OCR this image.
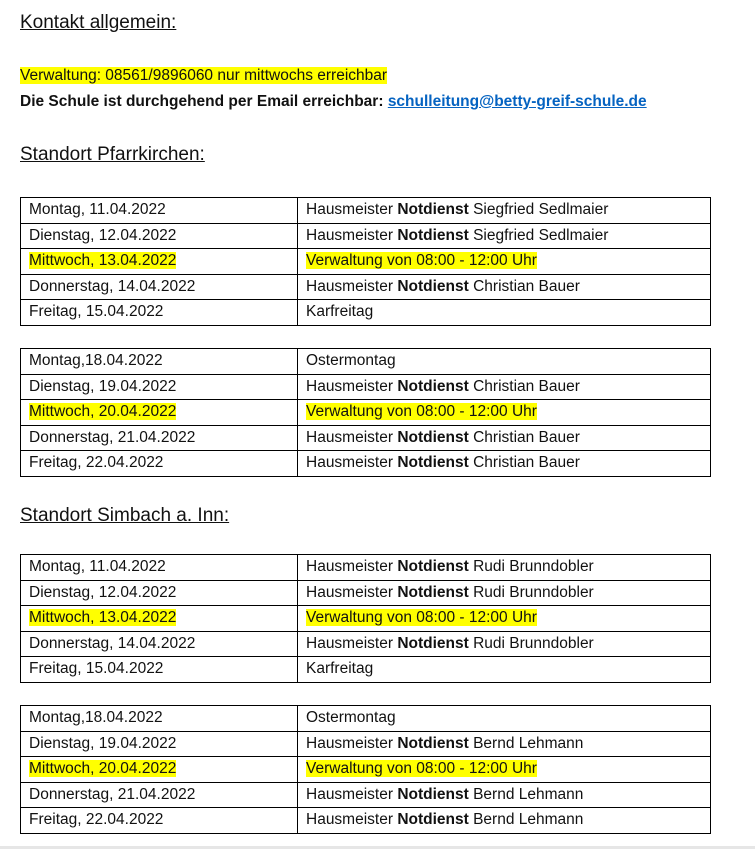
Kontakt allgemein:
Verwaltung: 08561/9896060 nur mittwochs erreichbar
Die Schule ist durchgehend per Email erreichbar: schulleitung@betty-greif-schule.de
Standort Pfarrkirchen:
Montag, 11.04.2022	Hausmeister Notdienst Siegfried Sedlmaier
Dienstag, 12.04.2022	Hausmeister Notdienst Siegfried Sedlmaier
Mittwoch, 13.04.2022	Verwaltung von 08:00 - 12:00 Uhr
Donnerstag, 14.04.2022	Hausmeister Notdienst Christian Bauer
Freitag, 15.04.2022	Karfreitag
Montag,18.04.2022	Ostermontag
Dienstag, 19.04.2022	Hausmeister Notdienst Christian Bauer
Mittwoch, 20.04.2022	Verwaltung von 08:00 - 12:00 Uhr
Donnerstag, 21.04.2022	Hausmeister Notdienst Christian Bauer
Freitag, 22.04.2022	Hausmeister Notdienst Christian Bauer
Standort Simbach a. Inn:
Montag, 11.04.2022	Hausmeister Notdienst Rudi Brunndobler
Dienstag, 12.04.2022	Hausmeister Notdienst Rudi Brunndobler
Mittwoch, 13.04.2022	Verwaltung von 08:00 - 12:00 Uhr
Donnerstag, 14.04.2022	Hausmeister Notdienst Rudi Brunndobler
Freitag, 15.04.2022	Karfreitag
Montag,18.04.2022	Ostermontag
Dienstag, 19.04.2022	Hausmeister Notdienst Bernd Lehmann
Mittwoch, 20.04.2022	Verwaltung von 08:00 - 12:00 Uhr
Donnerstag, 21.04.2022	Hausmeister Notdienst Bernd Lehmann
Freitag, 22.04.2022	Hausmeister Notdienst Bernd Lehmann
